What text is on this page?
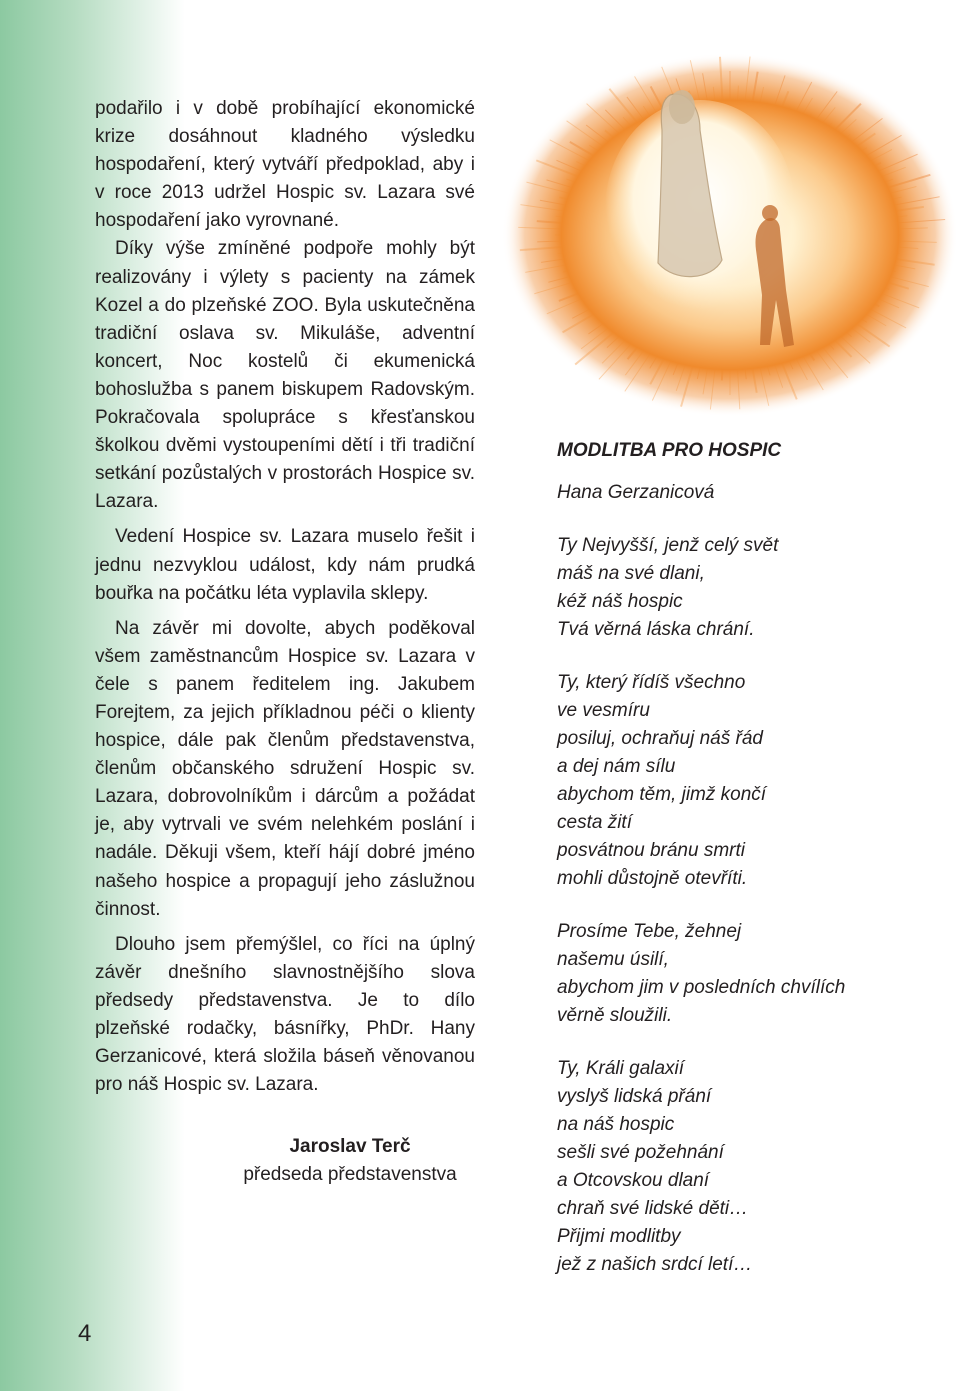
podařilo i v době probíhající ekonomické krize dosáhnout kladného výsledku hospodaření, který vytváří předpoklad, aby i v roce 2013 udržel Hospic sv. Lazara své hospodaření jako vyrovnané.

Díky výše zmíněné podpoře mohly být realizovány i výlety s pacienty na zámek Kozel a do plzeňské ZOO. Byla uskutečněna tradiční oslava sv. Mikuláše, adventní koncert, Noc kostelů či ekumenická bohoslužba s panem biskupem Radovským. Pokračovala spolupráce s křesťanskou školkou dvěmi vystoupeními dětí i tři tradiční setkání pozůstalých v prostorách Hospice sv. Lazara.

Vedení Hospice sv. Lazara muselo řešit i jednu nezvyklou událost, kdy nám prudká bouřka na počátku léta vyplavila sklepy.

Na závěr mi dovolte, abych poděkoval všem zaměstnancům Hospice sv. Lazara v čele s panem ředitelem ing. Jakubem Forejtem, za jejich příkladnou péči o klienty hospice, dále pak členům představenstva, členům občanského sdružení Hospic sv. Lazara, dobrovolníkům i dárcům a požádat je, aby vytrvali ve svém nelehkém poslání i nadále. Děkuji všem, kteří hájí dobré jméno našeho hospice a propagují jeho záslužnou činnost.

Dlouho jsem přemýšlel, co říci na úplný závěr dnešního slavnostnějšího slova předsedy představenstva. Je to dílo plzeňské rodačky, básnířky, PhDr. Hany Gerzanicové, která složila báseň věnovanou pro náš Hospic sv. Lazara.

Jaroslav Terč
předseda představenstva

MODLITBA PRO HOSPIC

Hana Gerzanicová

Ty Nejvyšší, jenž celý svět
máš na své dlani,
kéž náš hospic
Tvá věrná láska chrání.
Ty, který řídíš všechno
ve vesmíru
posiluj, ochraňuj náš řád
a dej nám sílu
abychom těm, jimž končí
cesta žití
posvátnou bránu smrti
mohli důstojně otevříti.
Prosíme Tebe, žehnej
našemu úsilí,
abychom jim v posledních chvílích
věrně sloužili.
Ty, Králi galaxií
vyslyš lidská přání
na náš hospic
sešli své požehnání
a Otcovskou dlaní
chraň své lidské děti…
Přijmi modlitby
jež z našich srdcí letí…
4
